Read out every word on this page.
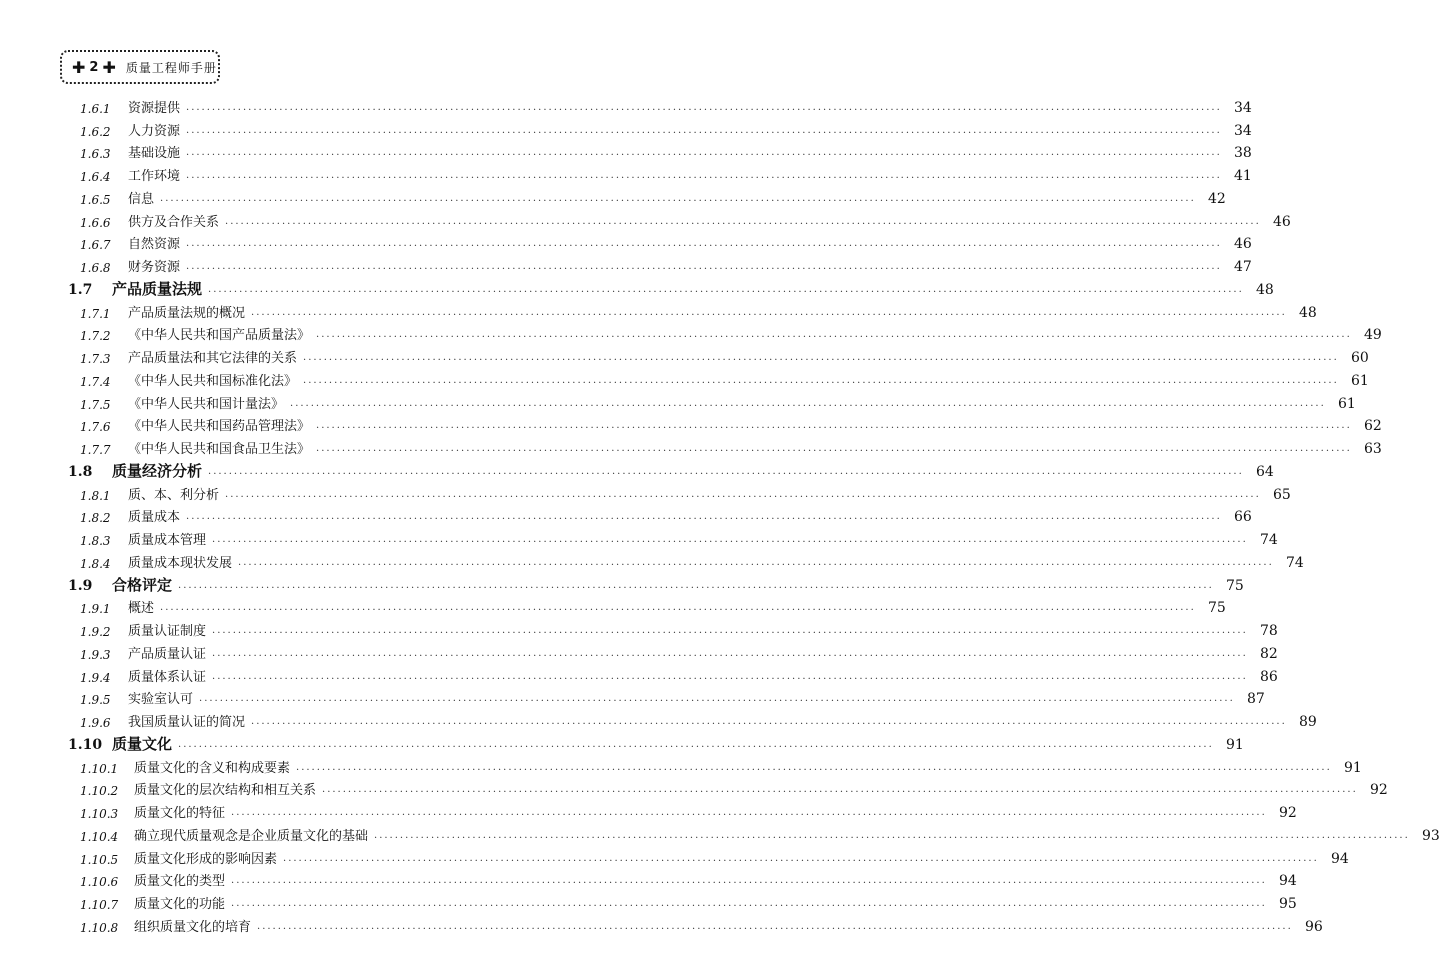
✚ 2 ✚ 质量工程师手册
1.6.1	资源提供 ........................................................................................................................................................................................................ 34
1.6.2	人力资源 ........................................................................................................................................................................................................ 34
1.6.3	基础设施 ........................................................................................................................................................................................................ 38
1.6.4	工作环境 ........................................................................................................................................................................................................ 41
1.6.5	信息 ........................................................................................................................................................................................................ 42
1.6.6	供方及合作关系 ........................................................................................................................................................................................................ 46
1.6.7	自然资源 ........................................................................................................................................................................................................ 46
1.6.8	财务资源 ........................................................................................................................................................................................................ 47
1.7	产品质量法规 ........................................................................................................................................................................................................ 48
1.7.1	产品质量法规的概况 ........................................................................................................................................................................................................ 48
1.7.2	《中华人民共和国产品质量法》 ........................................................................................................................................................................................................ 49
1.7.3	产品质量法和其它法律的关系 ........................................................................................................................................................................................................ 60
1.7.4	《中华人民共和国标准化法》 ........................................................................................................................................................................................................ 61
1.7.5	《中华人民共和国计量法》 ........................................................................................................................................................................................................ 61
1.7.6	《中华人民共和国药品管理法》 ........................................................................................................................................................................................................ 62
1.7.7	《中华人民共和国食品卫生法》 ........................................................................................................................................................................................................ 63
1.8	质量经济分析 ........................................................................................................................................................................................................ 64
1.8.1	质、本、利分析 ........................................................................................................................................................................................................ 65
1.8.2	质量成本 ........................................................................................................................................................................................................ 66
1.8.3	质量成本管理 ........................................................................................................................................................................................................ 74
1.8.4	质量成本现状发展 ........................................................................................................................................................................................................ 74
1.9	合格评定 ........................................................................................................................................................................................................ 75
1.9.1	概述 ........................................................................................................................................................................................................ 75
1.9.2	质量认证制度 ........................................................................................................................................................................................................ 78
1.9.3	产品质量认证 ........................................................................................................................................................................................................ 82
1.9.4	质量体系认证 ........................................................................................................................................................................................................ 86
1.9.5	实验室认可 ........................................................................................................................................................................................................ 87
1.9.6	我国质量认证的简况 ........................................................................................................................................................................................................ 89
1.10 质量文化 ........................................................................................................................................................................................................ 91
1.10.1	质量文化的含义和构成要素 ........................................................................................................................................................................................................ 91
1.10.2	质量文化的层次结构和相互关系 ........................................................................................................................................................................................................ 92
1.10.3	质量文化的特征 ........................................................................................................................................................................................................ 92
1.10.4	确立现代质量观念是企业质量文化的基础 ........................................................................................................................................................................................................ 93
1.10.5	质量文化形成的影响因素 ........................................................................................................................................................................................................ 94
1.10.6	质量文化的类型 ........................................................................................................................................................................................................ 94
1.10.7	质量文化的功能 ........................................................................................................................................................................................................ 95
1.10.8	组织质量文化的培育 ........................................................................................................................................................................................................ 96
